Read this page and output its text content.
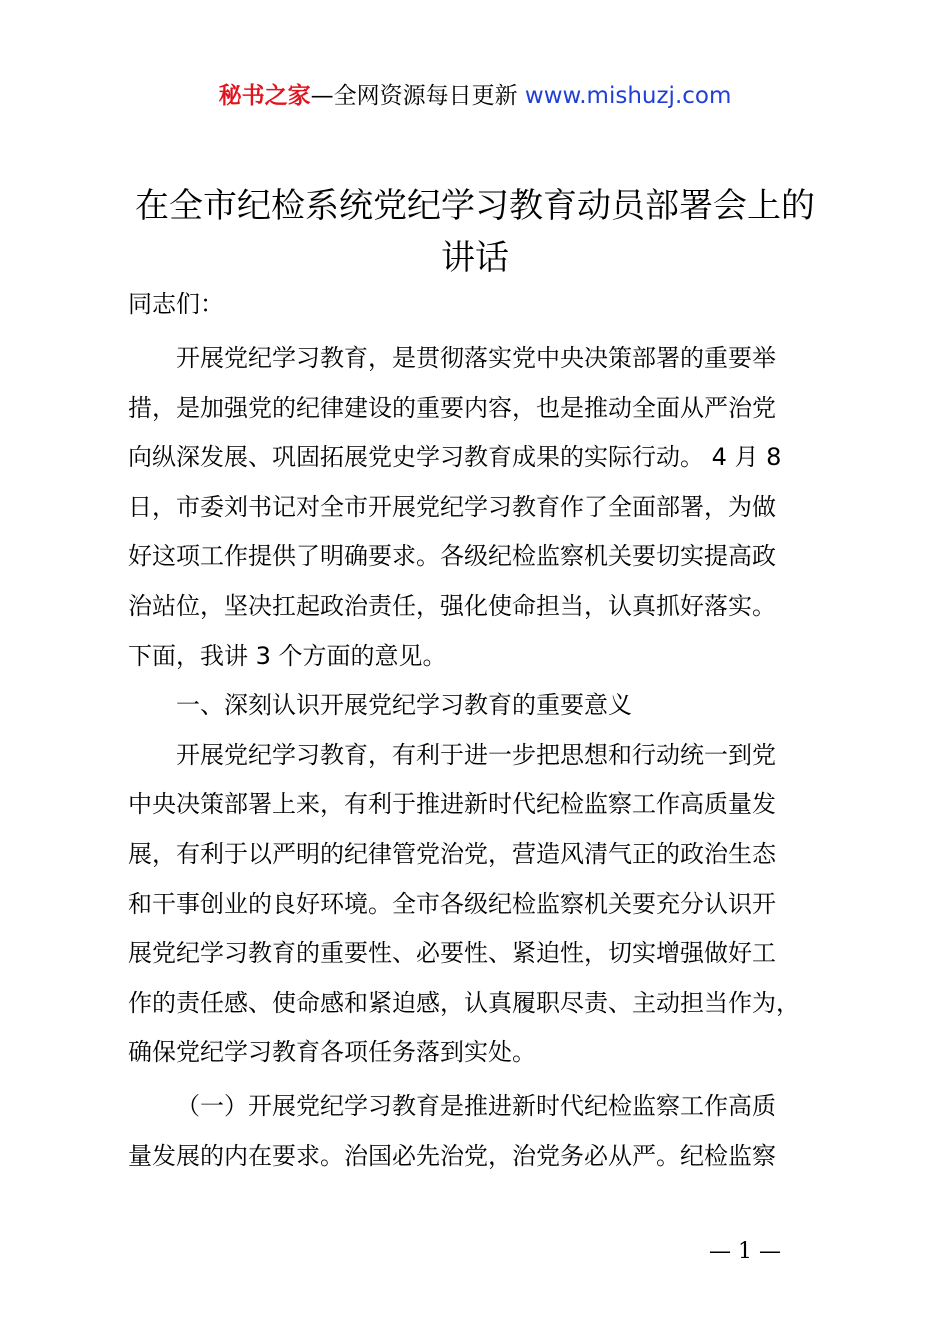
秘书之家—全网资源每日更新 www.mishuzj.com
在全市纪检系统党纪学习教育动员部署会上的
讲话
同志们：
开展党纪学习教育，是贯彻落实党中央决策部署的重要举
措，是加强党的纪律建设的重要内容，也是推动全面从严治党
向纵深发展、巩固拓展党史学习教育成果的实际行动。 4 月 8
日，市委刘书记对全市开展党纪学习教育作了全面部署，为做
好这项工作提供了明确要求。各级纪检监察机关要切实提高政
治站位，坚决扛起政治责任，强化使命担当，认真抓好落实。
下面，我讲 3 个方面的意见。
一、深刻认识开展党纪学习教育的重要意义
开展党纪学习教育，有利于进一步把思想和行动统一到党
中央决策部署上来，有利于推进新时代纪检监察工作高质量发
展，有利于以严明的纪律管党治党，营造风清气正的政治生态
和干事创业的良好环境。全市各级纪检监察机关要充分认识开
展党纪学习教育的重要性、必要性、紧迫性，切实增强做好工
作的责任感、使命感和紧迫感，认真履职尽责、主动担当作为，
确保党纪学习教育各项任务落到实处。
（一）开展党纪学习教育是推进新时代纪检监察工作高质
量发展的内在要求。治国必先治党，治党务必从严。纪检监察
— 1 —
